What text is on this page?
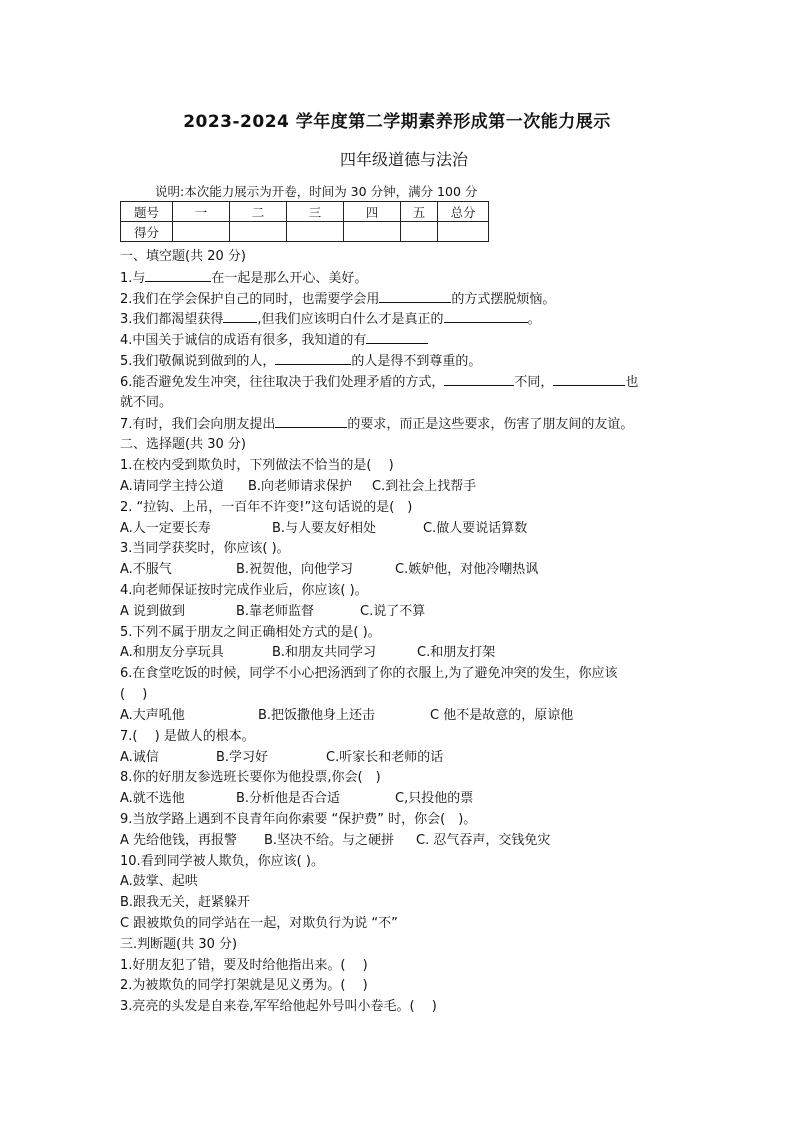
2023-2024 学年度第二学期素养形成第一次能力展示
四年级道德与法治
说明:本次能力展示为开卷，时间为 30 分钟，满分 100 分
题号	一	二	三	四	五	总分
得分						
一、填空题(共 20 分)
1.与	在一起是那么开心、美好。
2.我们在学会保护自己的同时，也需要学会用	的方式摆脱烦恼。
3.我们都渴望获得	,但我们应该明白什么才是真正的	。
4.中国关于诚信的成语有很多，我知道的有
5.我们敬佩说到做到的人，	的人是得不到尊重的。
6.能否避免发生冲突，往往取决于我们处理矛盾的方式，	不同，	也
就不同。
7.有时，我们会向朋友提出	的要求，而正是这些要求，伤害了朋友间的友谊。
二、选择题(共 30 分)
1.在校内受到欺负时，下列做法不恰当的是(　 )
A.请同学主持公道 B.向老师请求保护 C.到社会上找帮手
2. “拉钩、上吊，一百年不许变!”这句话说的是(　)
A.人一定要长寿	B.与人要友好相处	C.做人要说话算数
3.当同学获奖时，你应该( )。
A.不服气	B.祝贺他，向他学习	C.嫉妒他，对他冷嘲热讽
4.向老师保证按时完成作业后，你应该( )。
A 说到做到	B.靠老师监督	C.说了不算
5.下列不属于朋友之间正确相处方式的是( )。
A.和朋友分享玩具	B.和朋友共同学习	C.和朋友打架
6.在食堂吃饭的时候，同学不小心把汤洒到了你的衣服上,为了避免冲突的发生，你应该
(　 )
A.大声吼他	B.把饭撒他身上还击	C 他不是故意的，原谅他
7.(　 ) 是做人的根本。
A.诚信	B.学习好	C.听家长和老师的话
8.你的好朋友参选班长要你为他投票,你会(　)
A.就不选他	B.分析他是否合适	C,只投他的票
9.当放学路上遇到不良青年向你索要 “保护费” 时，你会(　)。
A 先给他钱，再报警 B.坚决不给。与之硬拼 C. 忍气吞声，交钱免灾
10.看到同学被人欺负，你应该( )。
A.鼓掌、起哄
B.跟我无关，赶紧躲开
C 跟被欺负的同学站在一起，对欺负行为说 “不”
三.判断题(共 30 分)
1.好朋友犯了错，要及时给他指出来。(　 )
2.为被欺负的同学打架就是见义勇为。(　 )
3.亮亮的头发是自来卷,军军给他起外号叫小卷毛。(　 )
